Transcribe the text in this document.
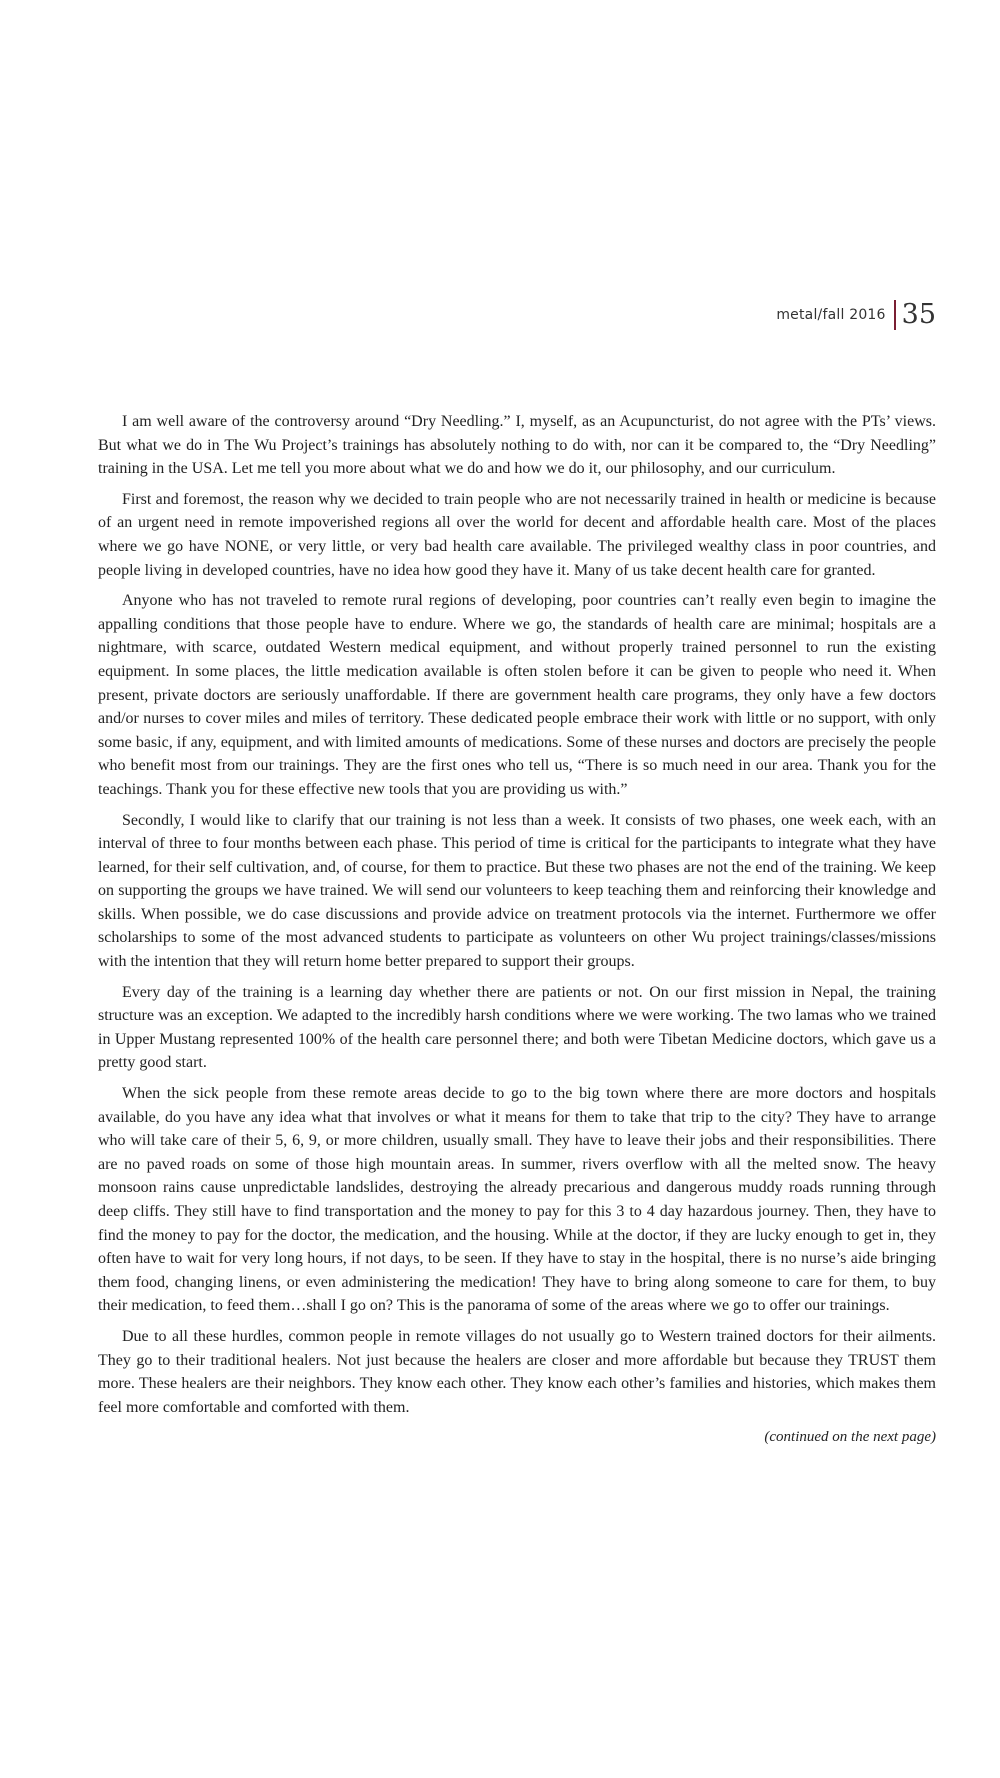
metal/fall 2016 35

I am well aware of the controversy around “Dry Needling.” I, myself, as an Acupuncturist, do not agree with the PTs’ views. But what we do in The Wu Project’s trainings has absolutely nothing to do with, nor can it be compared to, the “Dry Needling” training in the USA. Let me tell you more about what we do and how we do it, our philosophy, and our curriculum.

First and foremost, the reason why we decided to train people who are not necessarily trained in health or medicine is because of an urgent need in remote impoverished regions all over the world for decent and affordable health care. Most of the places where we go have NONE, or very little, or very bad health care available. The privileged wealthy class in poor countries, and people living in developed countries, have no idea how good they have it. Many of us take decent health care for granted.

Anyone who has not traveled to remote rural regions of developing, poor countries can’t really even begin to imagine the appalling conditions that those people have to endure. Where we go, the standards of health care are minimal; hospitals are a nightmare, with scarce, outdated Western medical equipment, and without properly trained personnel to run the existing equipment. In some places, the little medication available is often stolen before it can be given to people who need it. When present, private doctors are seriously unaffordable. If there are government health care programs, they only have a few doctors and/or nurses to cover miles and miles of territory. These dedicated people embrace their work with little or no support, with only some basic, if any, equipment, and with limited amounts of medications. Some of these nurses and doctors are precisely the people who benefit most from our trainings. They are the first ones who tell us, “There is so much need in our area. Thank you for the teachings. Thank you for these effective new tools that you are providing us with.”

Secondly, I would like to clarify that our training is not less than a week. It consists of two phases, one week each, with an interval of three to four months between each phase. This period of time is critical for the participants to integrate what they have learned, for their self cultivation, and, of course, for them to practice. But these two phases are not the end of the training. We keep on supporting the groups we have trained. We will send our volunteers to keep teaching them and reinforcing their knowledge and skills. When possible, we do case discussions and provide advice on treatment protocols via the internet. Furthermore we offer scholarships to some of the most advanced students to participate as volunteers on other Wu project trainings/classes/missions with the intention that they will return home better prepared to support their groups.

Every day of the training is a learning day whether there are patients or not. On our first mission in Nepal, the training structure was an exception. We adapted to the incredibly harsh conditions where we were working. The two lamas who we trained in Upper Mustang represented 100% of the health care personnel there; and both were Tibetan Medicine doctors, which gave us a pretty good start.

When the sick people from these remote areas decide to go to the big town where there are more doctors and hospitals available, do you have any idea what that involves or what it means for them to take that trip to the city? They have to arrange who will take care of their 5, 6, 9, or more children, usually small. They have to leave their jobs and their responsibilities. There are no paved roads on some of those high mountain areas. In summer, rivers overflow with all the melted snow. The heavy monsoon rains cause unpredictable landslides, destroying the already precarious and dangerous muddy roads running through deep cliffs. They still have to find transportation and the money to pay for this 3 to 4 day hazardous journey. Then, they have to find the money to pay for the doctor, the medication, and the housing. While at the doctor, if they are lucky enough to get in, they often have to wait for very long hours, if not days, to be seen. If they have to stay in the hospital, there is no nurse’s aide bringing them food, changing linens, or even administering the medication! They have to bring along someone to care for them, to buy their medication, to feed them…shall I go on? This is the panorama of some of the areas where we go to offer our trainings.

Due to all these hurdles, common people in remote villages do not usually go to Western trained doctors for their ailments. They go to their traditional healers. Not just because the healers are closer and more affordable but because they TRUST them more. These healers are their neighbors. They know each other. They know each other’s families and histories, which makes them feel more comfortable and comforted with them.

(continued on the next page)
